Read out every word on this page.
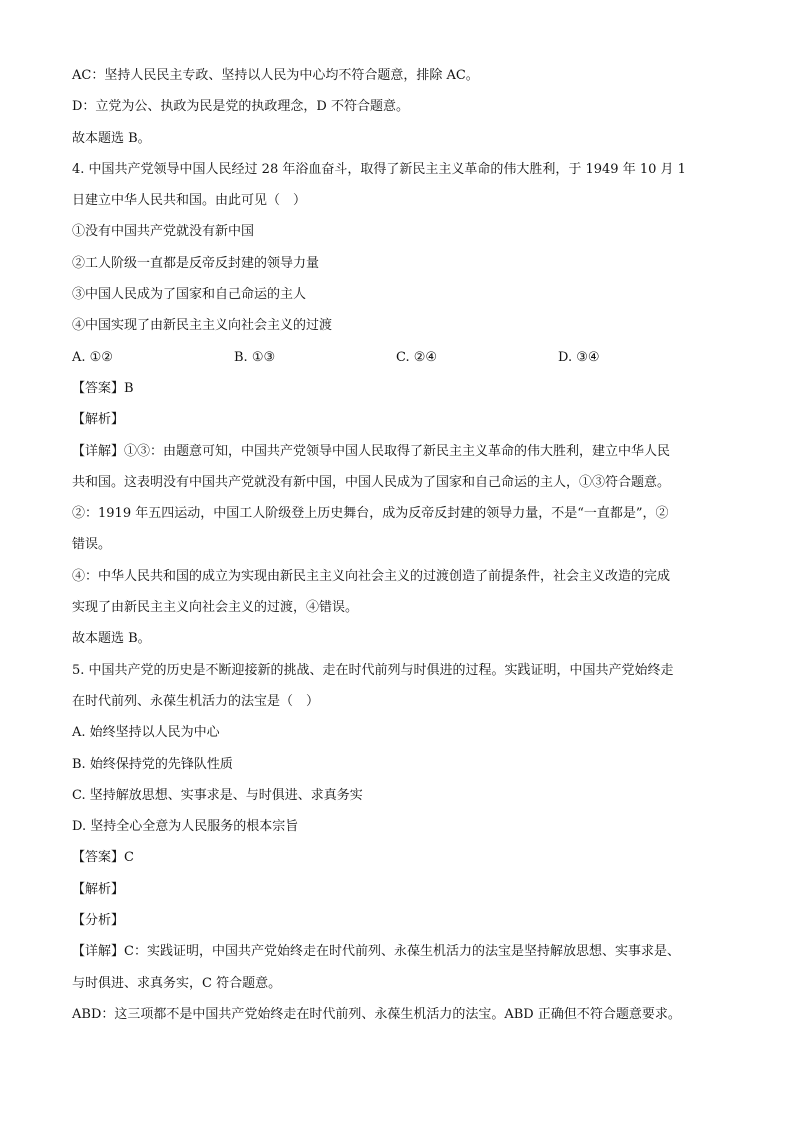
AC：坚持人民民主专政、坚持以人民为中心均不符合题意，排除 AC。
D：立党为公、执政为民是党的执政理念，D 不符合题意。
故本题选 B。
4. 中国共产党领导中国人民经过 28 年浴血奋斗，取得了新民主主义革命的伟大胜利，于 1949 年 10 月 1
日建立中华人民共和国。由此可见（　）
①没有中国共产党就没有新中国
②工人阶级一直都是反帝反封建的领导力量
③中国人民成为了国家和自己命运的主人
④中国实现了由新民主主义向社会主义的过渡
A. ①②	B. ①③	C. ②④	D. ③④
【答案】B
【解析】
【详解】①③：由题意可知，中国共产党领导中国人民取得了新民主主义革命的伟大胜利，建立中华人民
共和国。这表明没有中国共产党就没有新中国，中国人民成为了国家和自己命运的主人，①③符合题意。
②：1919 年五四运动，中国工人阶级登上历史舞台，成为反帝反封建的领导力量，不是“一直都是”，②
错误。
④：中华人民共和国的成立为实现由新民主主义向社会主义的过渡创造了前提条件，社会主义改造的完成
实现了由新民主主义向社会主义的过渡，④错误。
故本题选 B。
5. 中国共产党的历史是不断迎接新的挑战、走在时代前列与时俱进的过程。实践证明，中国共产党始终走
在时代前列、永葆生机活力的法宝是（　）
A. 始终坚持以人民为中心
B. 始终保持党的先锋队性质
C. 坚持解放思想、实事求是、与时俱进、求真务实
D. 坚持全心全意为人民服务的根本宗旨
【答案】C
【解析】
【分析】
【详解】C：实践证明，中国共产党始终走在时代前列、永葆生机活力的法宝是坚持解放思想、实事求是、
与时俱进、求真务实，C 符合题意。
ABD：这三项都不是中国共产党始终走在时代前列、永葆生机活力的法宝。ABD 正确但不符合题意要求。
